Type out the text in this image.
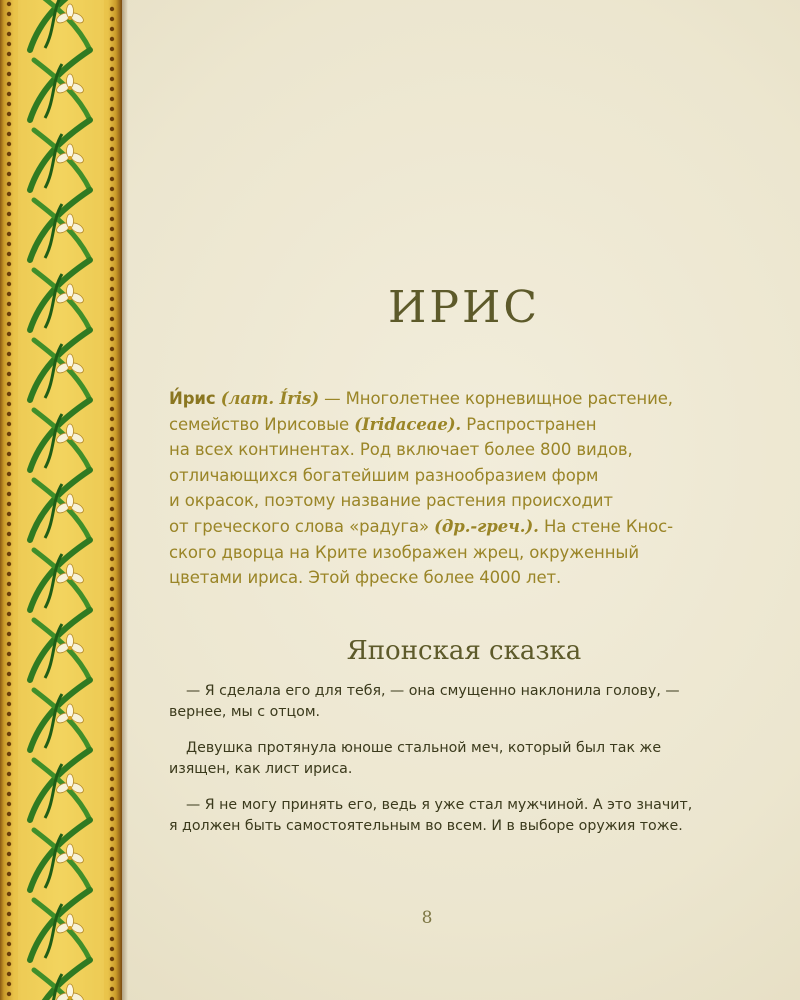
ИРИС
И́рис (лат. Íris) — Многолетнее корневищное растение,
семейство Ирисовые (Iridaceae). Распространен
на всех континентах. Род включает более 800 видов,
отличающихся богатейшим разнообразием форм
и окрасок, поэтому название растения происходит
от греческого слова «радуга» (др.-греч.). На стене Кнос-
ского дворца на Крите изображен жрец, окруженный
цветами ириса. Этой фреске более 4000 лет.
Японская сказка

— Я сделала его для тебя, — она смущенно наклонила голову, —
вернее, мы с отцом.

Девушка протянула юноше стальной меч, который был так же
изящен, как лист ириса.

— Я не могу принять его, ведь я уже стал мужчиной. А это значит,
я должен быть самостоятельным во всем. И в выборе оружия тоже.

8
